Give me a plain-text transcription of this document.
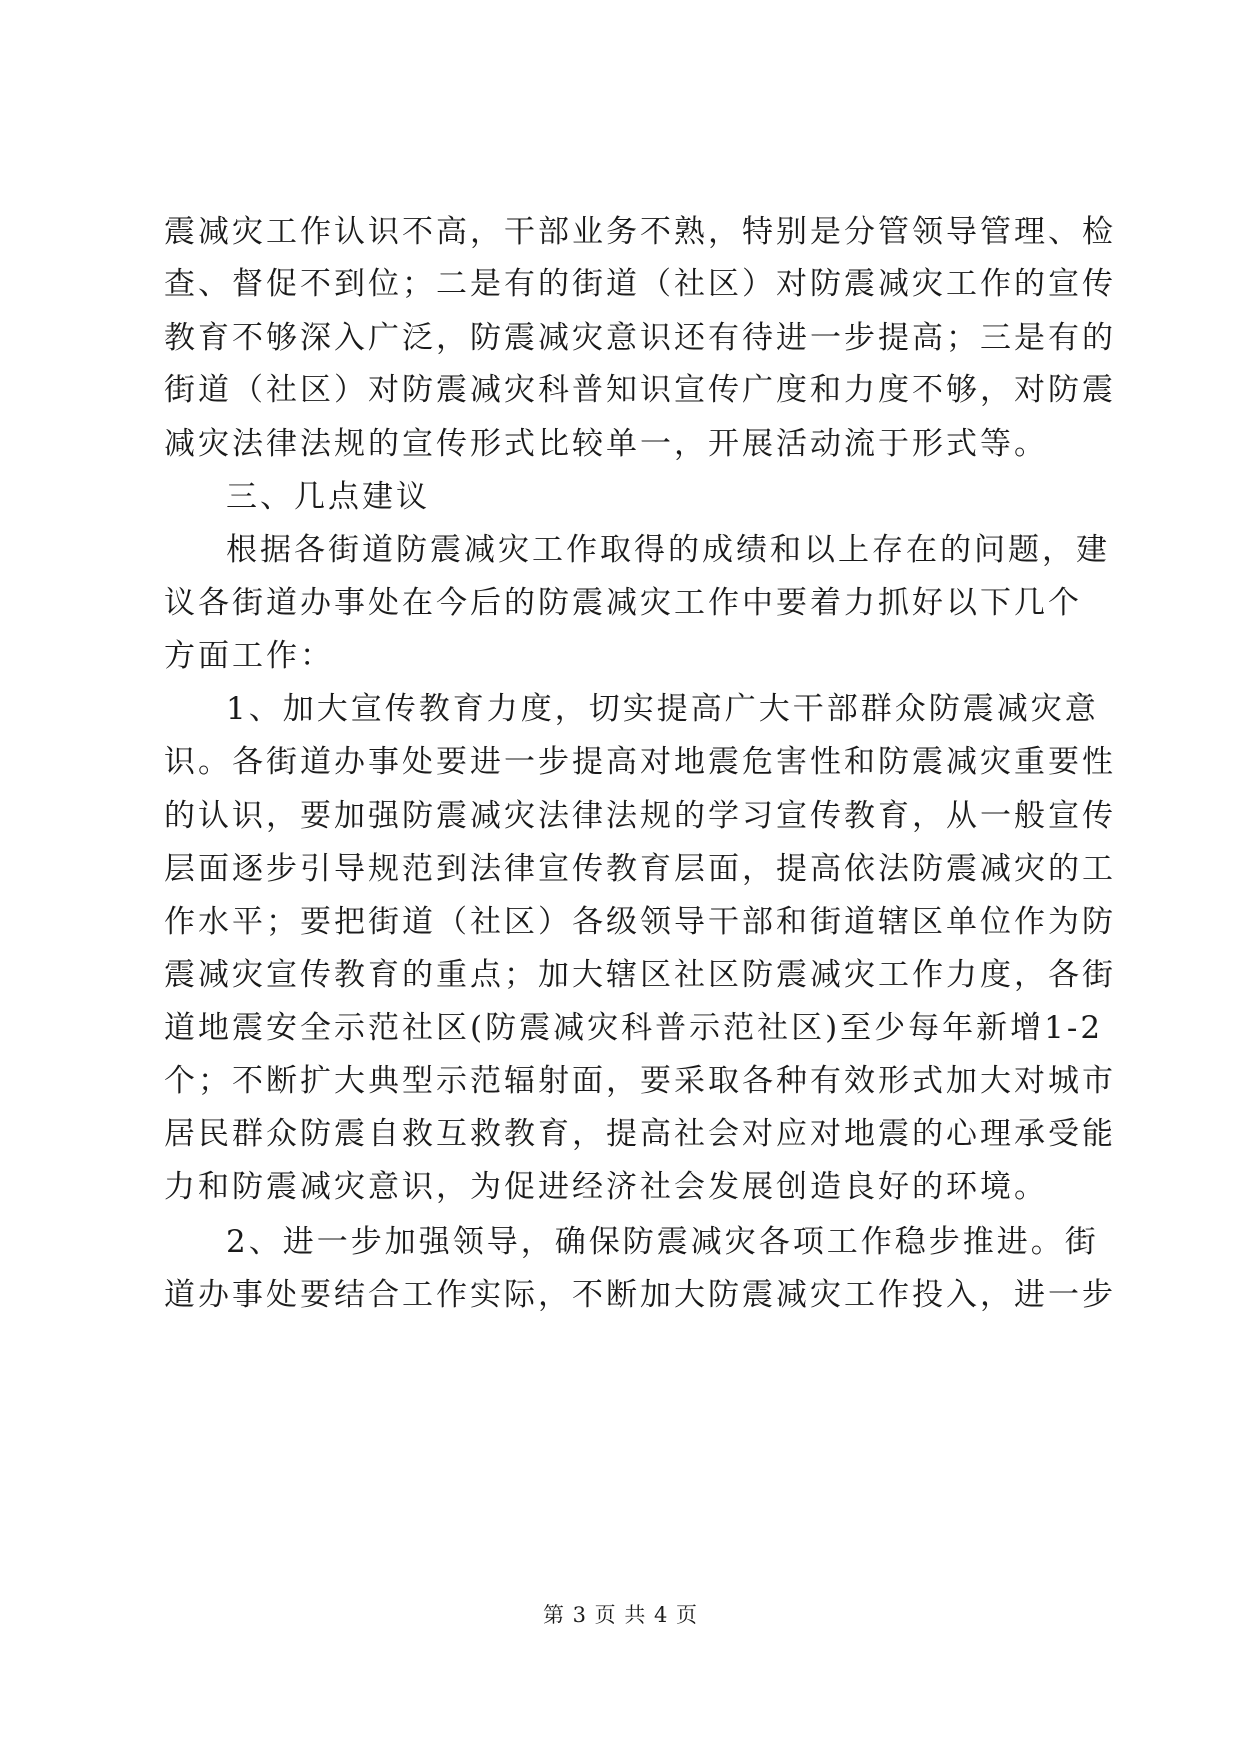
震减灾工作认识不高，干部业务不熟，特别是分管领导管理、检
查、督促不到位；二是有的街道（社区）对防震减灾工作的宣传
教育不够深入广泛，防震减灾意识还有待进一步提高；三是有的
街道（社区）对防震减灾科普知识宣传广度和力度不够，对防震
减灾法律法规的宣传形式比较单一，开展活动流于形式等。
三、几点建议
根据各街道防震减灾工作取得的成绩和以上存在的问题，建
议各街道办事处在今后的防震减灾工作中要着力抓好以下几个
方面工作：
1、加大宣传教育力度，切实提高广大干部群众防震减灾意
识。各街道办事处要进一步提高对地震危害性和防震减灾重要性
的认识，要加强防震减灾法律法规的学习宣传教育，从一般宣传
层面逐步引导规范到法律宣传教育层面，提高依法防震减灾的工
作水平；要把街道（社区）各级领导干部和街道辖区单位作为防
震减灾宣传教育的重点；加大辖区社区防震减灾工作力度，各街
道地震安全示范社区(防震减灾科普示范社区)至少每年新增1-2
个；不断扩大典型示范辐射面，要采取各种有效形式加大对城市
居民群众防震自救互救教育，提高社会对应对地震的心理承受能
力和防震减灾意识，为促进经济社会发展创造良好的环境。
2、进一步加强领导，确保防震减灾各项工作稳步推进。街
道办事处要结合工作实际，不断加大防震减灾工作投入，进一步
第 3 页 共 4 页
